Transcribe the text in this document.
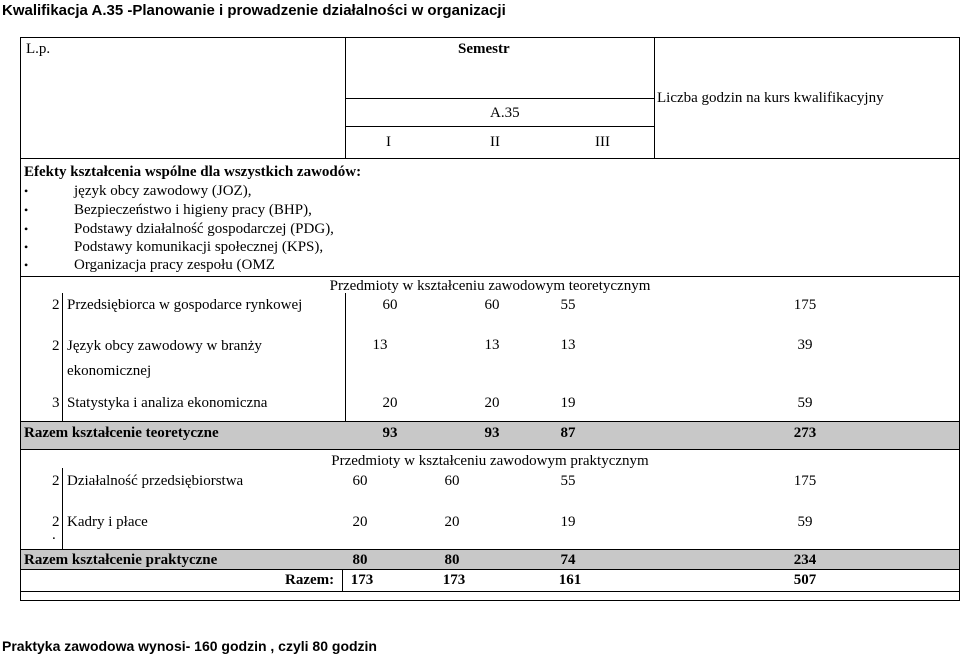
Kwalifikacja A.35 -Planowanie i prowadzenie działalności w organizacji
L.p.	Semestr
A.35
Liczba godzin na kurs kwalifikacyjny
I	II	III
Efekty kształcenia wspólne dla wszystkich zawodów:
•	język obcy zawodowy (JOZ),
•	Bezpieczeństwo i higieny pracy (BHP),
•	Podstawy działalność gospodarczej (PDG),
•	Podstawy komunikacji społecznej (KPS),
•	Organizacja pracy zespołu (OMZ
Przedmioty w kształceniu zawodowym teoretycznym
2 Przedsiębiorca w gospodarce rynkowej	60	60	55	175
2 Język obcy zawodowy w branży
ekonomicznej
13	13	13	39
3 Statystyka i analiza ekonomiczna	20	20	19	59
Razem kształcenie teoretyczne	93	93	87	273
Przedmioty w kształceniu zawodowym praktycznym
2 Działalność przedsiębiorstwa	60	60	55	175
2
.
Kadry i płace	20	20	19	59
Razem kształcenie praktyczne	80	80	74	234
Razem:	173	173	161	507
Praktyka zawodowa wynosi- 160 godzin , czyli 80 godzin
